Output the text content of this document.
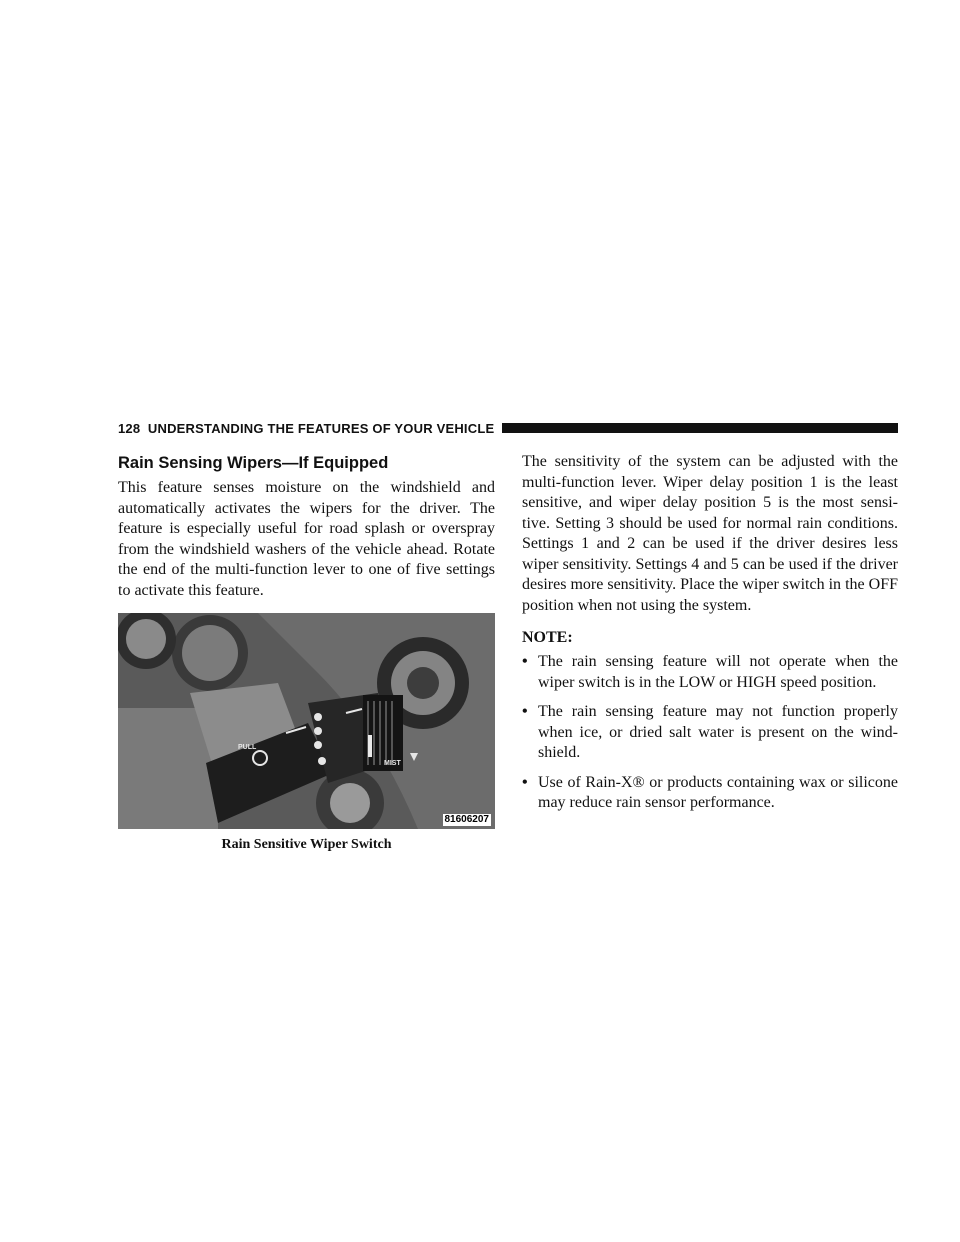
128
UNDERSTANDING THE FEATURES OF YOUR VEHICLE
Rain Sensing Wipers—If Equipped

This feature senses moisture on the windshield and automatically activates the wipers for the driver. The feature is especially useful for road splash or overspray from the windshield washers of the vehicle ahead. Rotate the end of the multi-function lever to one of five settings to activate this feature.

PULL
MIST
81606207
Rain Sensitive Wiper Switch

The sensitivity of the system can be adjusted with the multi-function lever. Wiper delay position 1 is the least sensitive, and wiper delay position 5 is the most sensi-tive. Setting 3 should be used for normal rain conditions. Settings 1 and 2 can be used if the driver desires less wiper sensitivity. Settings 4 and 5 can be used if the driver desires more sensitivity. Place the wiper switch in the OFF position when not using the system.

NOTE:
• The rain sensing feature will not operate when the wiper switch is in the LOW or HIGH speed position.
• The rain sensing feature may not function properly when ice, or dried salt water is present on the wind-shield.
• Use of Rain-X® or products containing wax or silicone may reduce rain sensor performance.
